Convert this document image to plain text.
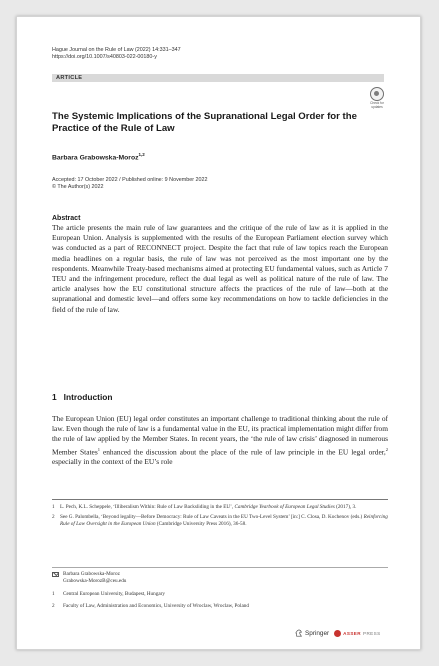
Hague Journal on the Rule of Law (2022) 14:331–347
https://doi.org/10.1007/s40803-022-00180-y
ARTICLE
Check for
updates
The Systemic Implications of the Supranational Legal Order for the Practice of the Rule of Law
Barbara Grabowska-Moroz$^{1,2}$
Accepted: 17 October 2022 / Published online: 9 November 2022
© The Author(s) 2022
Abstract

The article presents the main rule of law guarantees and the critique of the rule of law as it is applied in the European Union. Analysis is supplemented with the results of the European Parliament election survey which was conducted as a part of RECONNECT project. Despite the fact that rule of law topics reach the European media headlines on a regular basis, the rule of law was not perceived as the most important one by the respondents. Meanwhile Treaty-based mechanisms aimed at protecting EU fundamental values, such as Article 7 TEU and the infringement procedure, reflect the dual legal as well as political nature of the rule of law. The article analyses how the EU constitutional structure affects the practices of the rule of law—both at the supranational and domestic level—and offers some key recommendations on how to tackle deficiencies in the field of the rule of law.

1 Introduction

The European Union (EU) legal order constitutes an important challenge to traditional thinking about the rule of law. Even though the rule of law is a fundamental value in the EU, its practical implementation might differ from the rule of law applied by the Member States. In recent years, the ‘the rule of law crisis’ diagnosed in numerous Member States$^1$ enhanced the discussion about the place of the rule of law principle in the EU legal order,$^2$ especially in the context of the EU’s role

1 L. Pech, K.L. Scheppele, ‘Illiberalism Within: Rule of Law Backsliding in the EU’, Cambridge Yearbook of European Legal Studies (2017), 3.

2 See G. Palombella, ‘Beyond legality—Before Democracy: Rule of Law Caveats in the EU Two-Level System’ [in:] C. Closa, D. Kochenov (eds.) Reinforcing Rule of Law Oversight in the European Union (Cambridge University Press 2016), 36-58.

Barbara Grabowska-Moroz
Grabowska-MorozB@ceu.edu
1	Central European University, Budapest, Hungary
2	Faculty of Law, Administration and Economics, University of Wroclaw, Wroclaw, Poland
Springer	ASSER PRESS
